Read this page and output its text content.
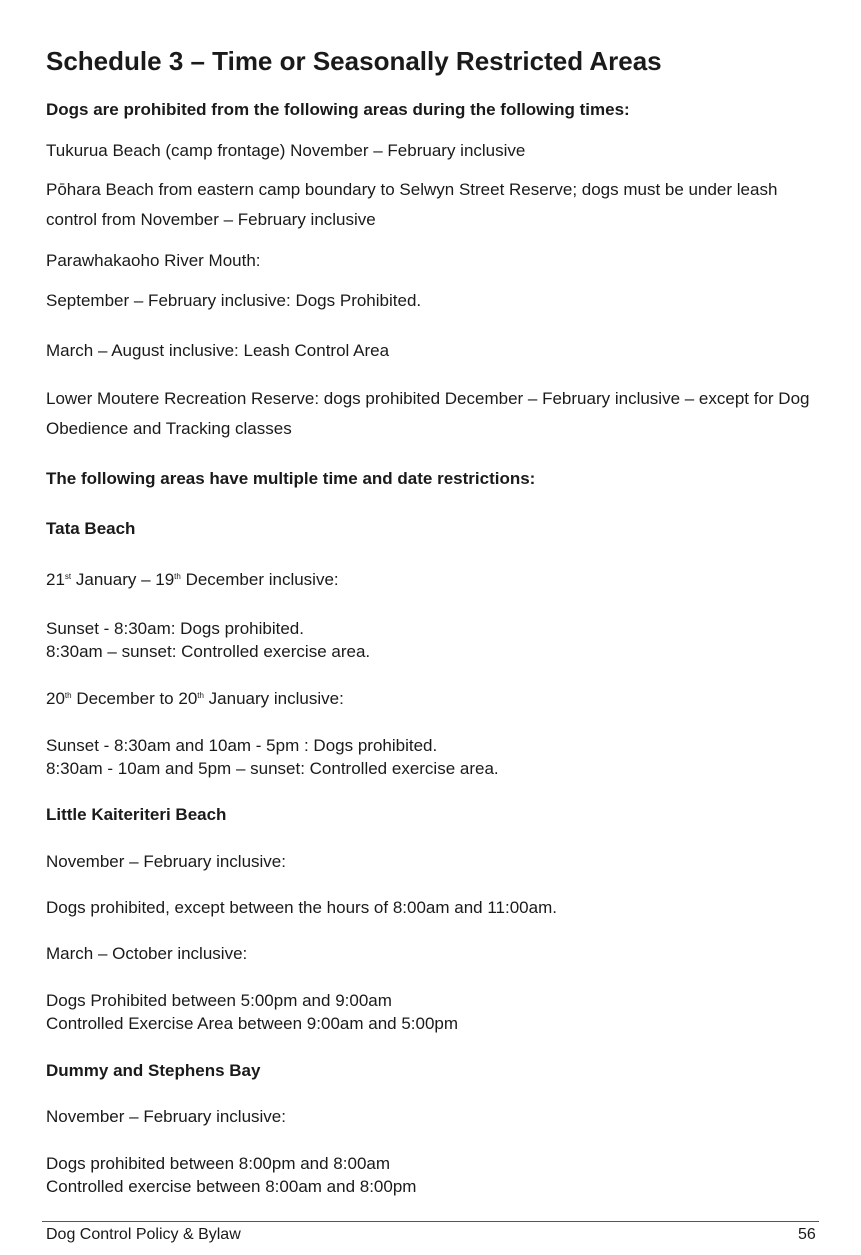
Schedule 3 – Time or Seasonally Restricted Areas
Dogs are prohibited from the following areas during the following times:
Tukurua Beach (camp frontage) November – February inclusive
Pōhara Beach from eastern camp boundary to Selwyn Street Reserve; dogs must be under leash control from November – February inclusive
Parawhakaoho River Mouth:
September – February inclusive: Dogs Prohibited.
March – August inclusive: Leash Control Area
Lower Moutere Recreation Reserve: dogs prohibited December – February inclusive – except for Dog Obedience and Tracking classes
The following areas have multiple time and date restrictions:
Tata Beach
21st January – 19th December inclusive:
Sunset - 8:30am: Dogs prohibited.
8:30am – sunset: Controlled exercise area.
20th December to 20th January inclusive:
Sunset - 8:30am and 10am - 5pm : Dogs prohibited.
8:30am - 10am and 5pm – sunset: Controlled exercise area.
Little Kaiteriteri Beach
November – February inclusive:
Dogs prohibited, except between the hours of 8:00am and 11:00am.
March – October inclusive:
Dogs Prohibited between 5:00pm and 9:00am
Controlled Exercise Area between 9:00am and 5:00pm
Dummy and Stephens Bay
November – February inclusive:
Dogs prohibited between 8:00pm and 8:00am
Controlled exercise between 8:00am and 8:00pm
Dog Control Policy & Bylaw	56
